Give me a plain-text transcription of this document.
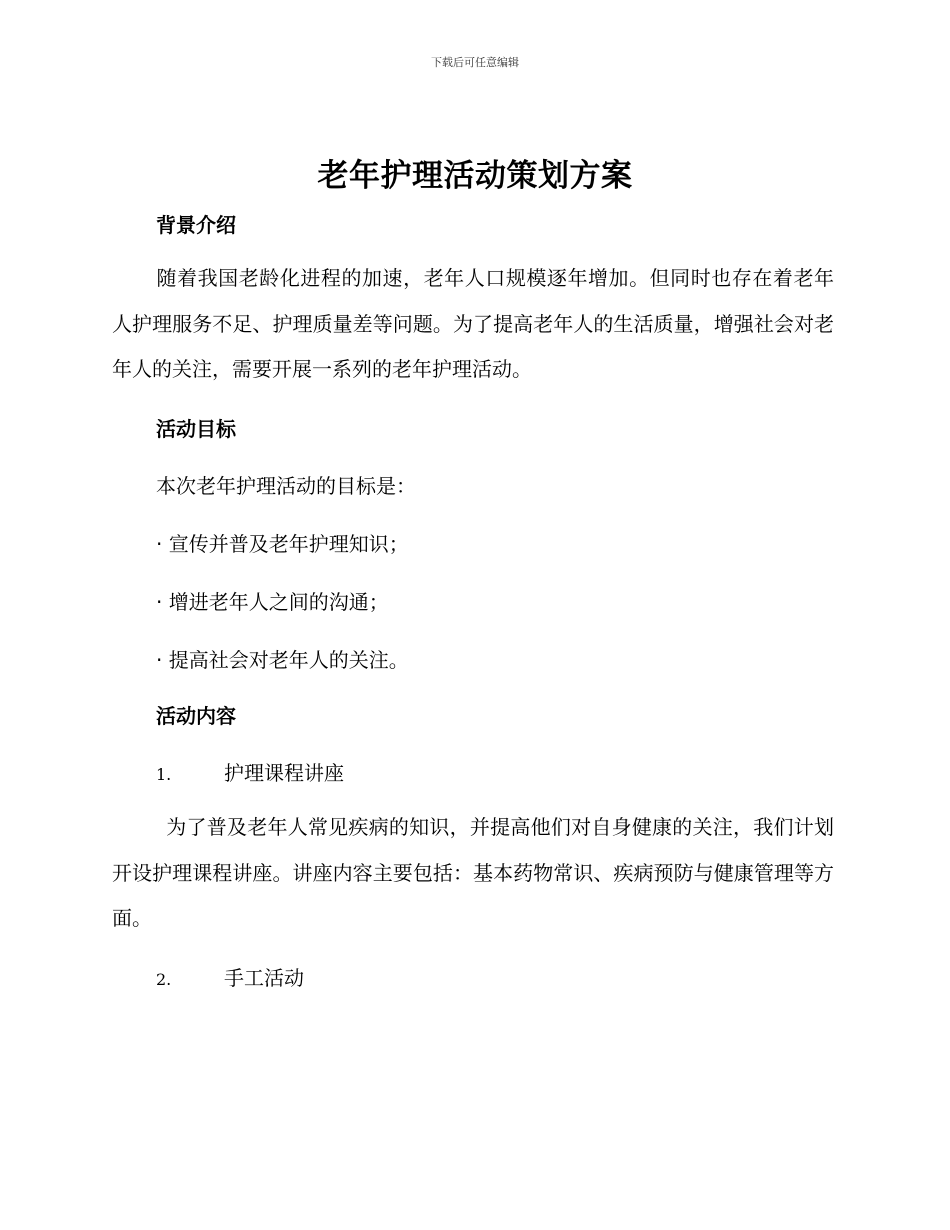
下载后可任意编辑
老年护理活动策划方案
背景介绍
随着我国老龄化进程的加速，老年人口规模逐年增加。但同时也存在着老年人护理服务不足、护理质量差等问题。为了提高老年人的生活质量，增强社会对老年人的关注，需要开展一系列的老年护理活动。
活动目标
本次老年护理活动的目标是：
· 宣传并普及老年护理知识；
· 增进老年人之间的沟通；
· 提高社会对老年人的关注。
活动内容
1.	护理课程讲座
为了普及老年人常见疾病的知识，并提高他们对自身健康的关注，我们计划开设护理课程讲座。讲座内容主要包括：基本药物常识、疾病预防与健康管理等方面。
2.	手工活动
